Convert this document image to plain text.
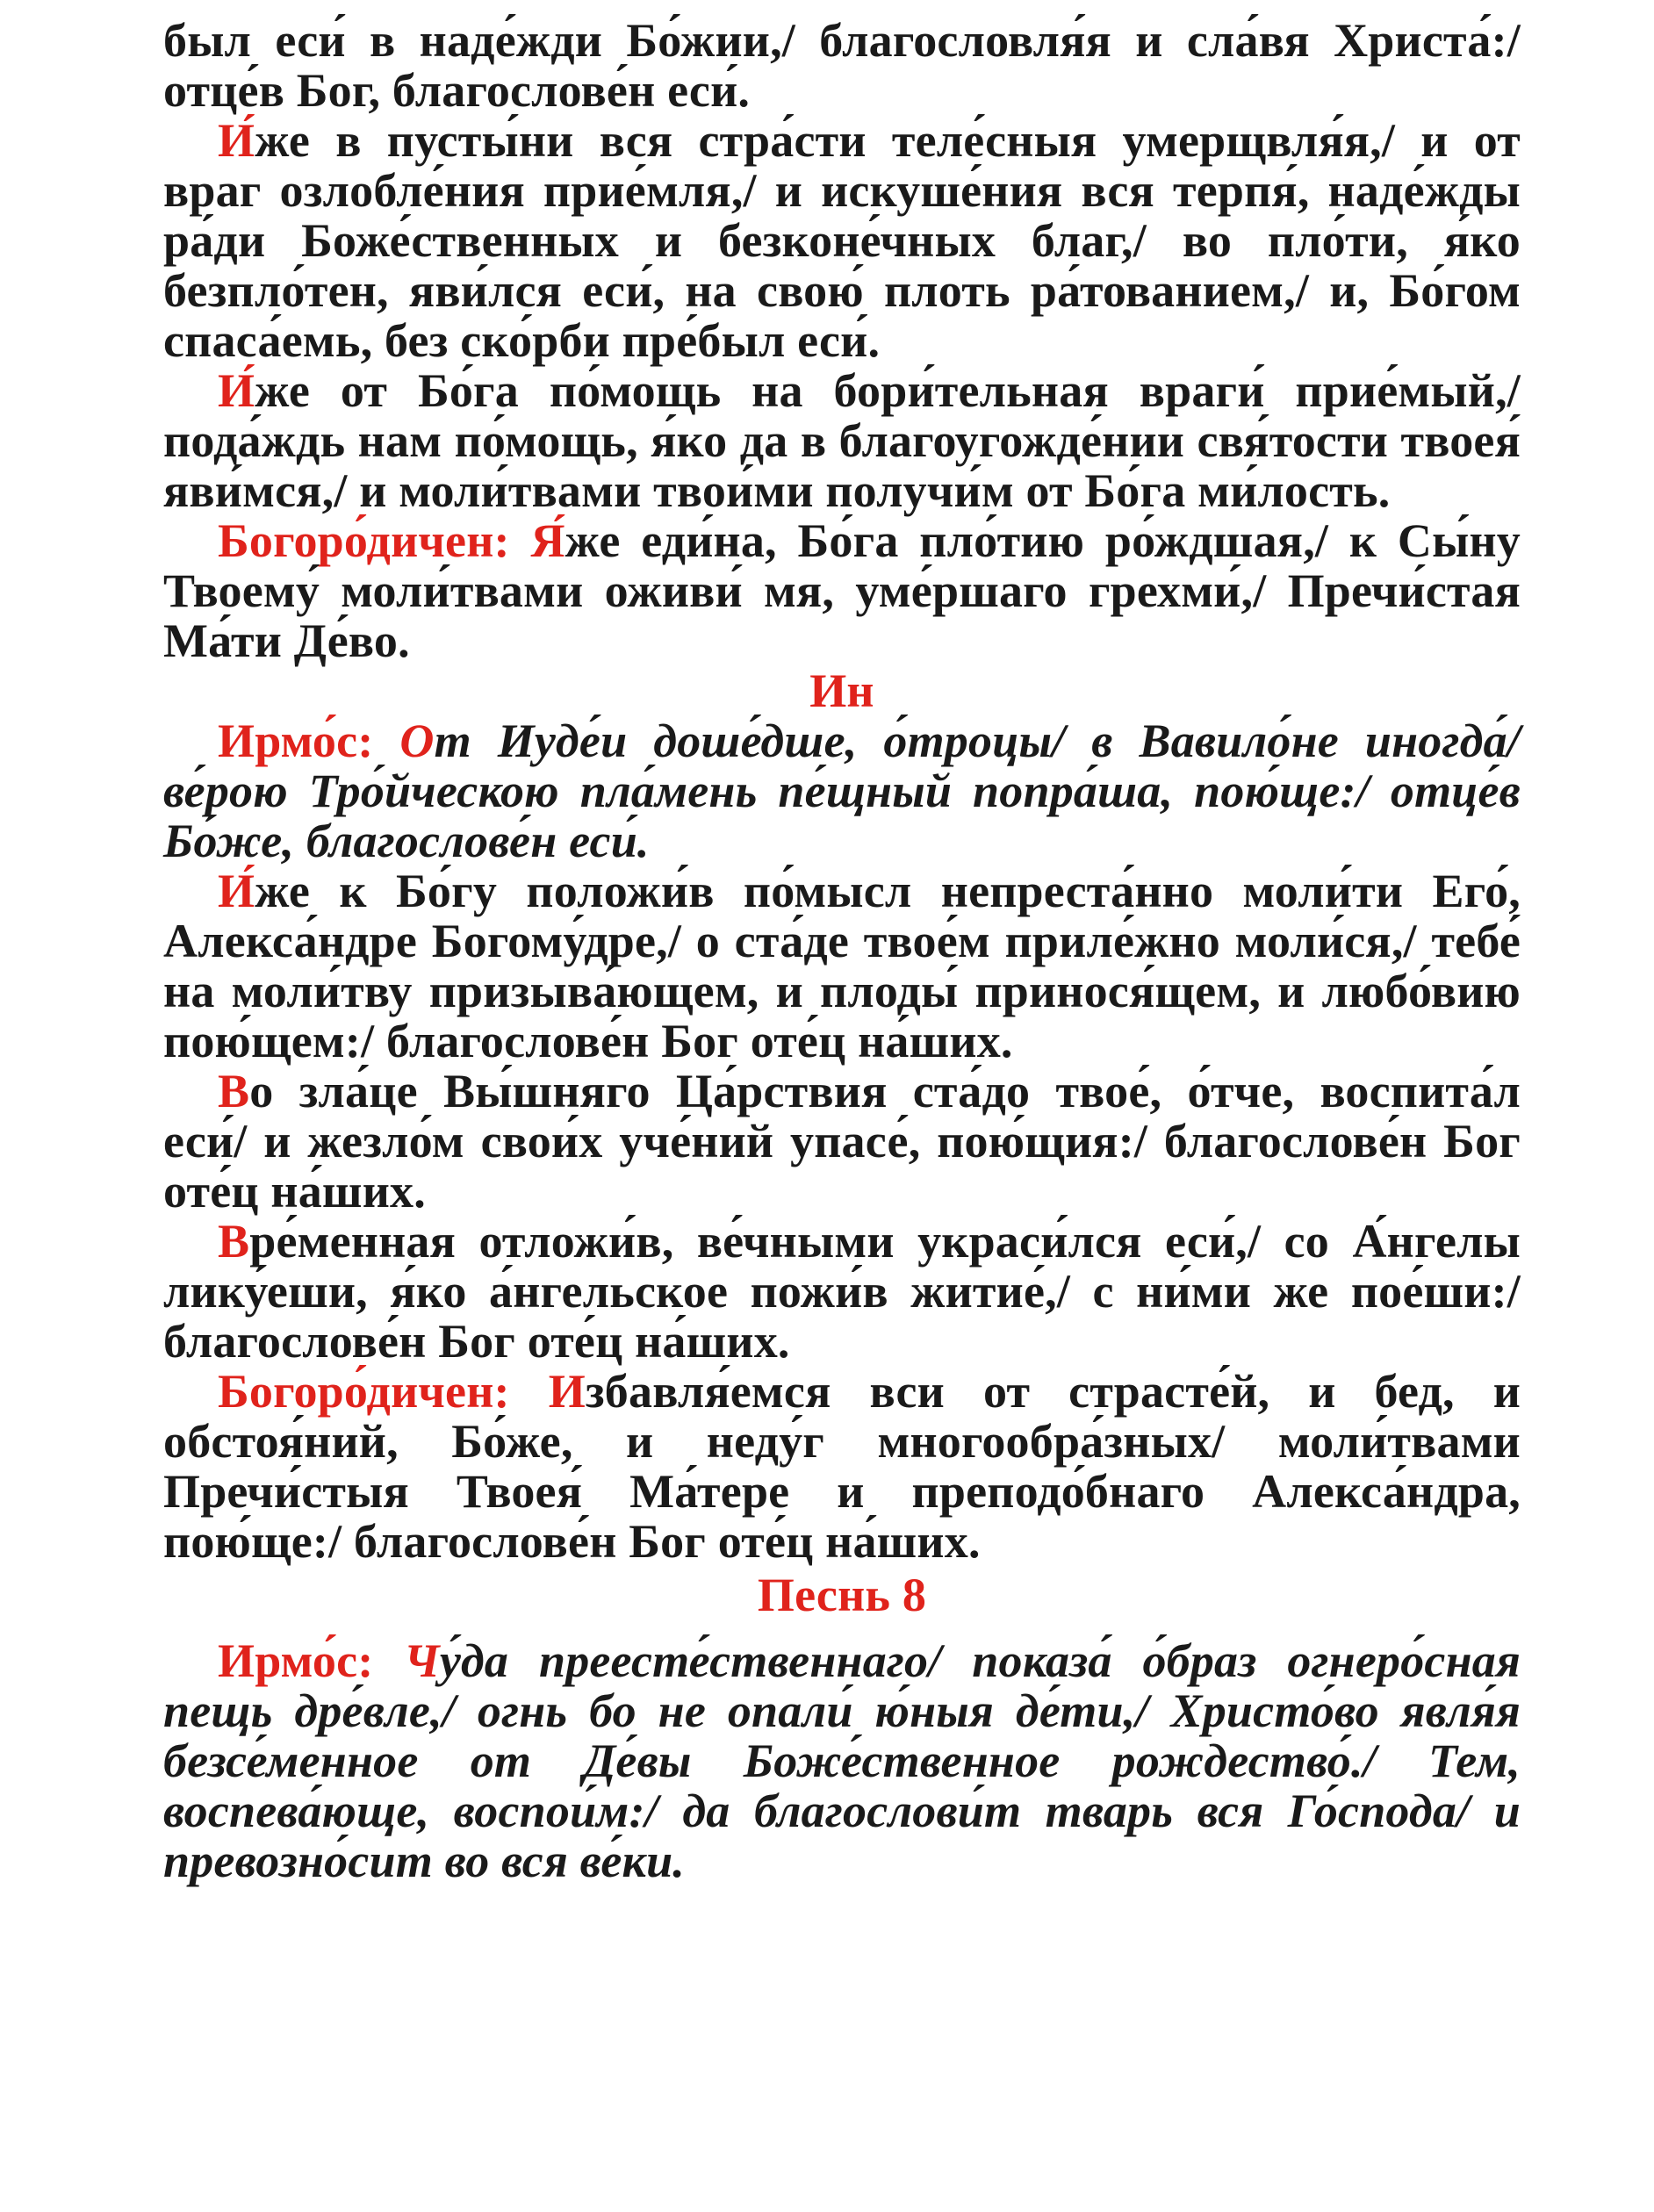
был еси́ в наде́жди Бо́жии,/ благословля́я и сла́вя Христа́:/ отце́в Бог, благослове́н еси́.

И́же в пусты́ни вся стра́сти теле́сныя умерщвля́я,/ и от враг озлобле́ния прие́мля,/ и искуше́ния вся терпя́, наде́жды ра́ди Боже́ственных и безконе́чных благ,/ во пло́ти, я́ко безпло́тен, яви́лся еси́, на свою́ плоть ра́тованием,/ и, Бо́гом спаса́емь, без ско́рби пре́был еси́.

И́же от Бо́га по́мощь на бори́тельная враги́ прие́мый,/ пода́ждь нам по́мощь, я́ко да в благоугожде́нии свя́тости твоея́ яви́мся,/ и моли́твами твои́ми получи́м от Бо́га ми́лость.

Богоро́дичен: Я́же еди́на, Бо́га пло́тию ро́ждшая,/ к Сы́ну Твоему́ моли́твами оживи́ мя, уме́ршаго грехми́,/ Пречи́стая Ма́ти Де́во.

Ин

Ирмо́с: От Иуде́и доше́дше, о́троцы/ в Вавило́не иногда́/ ве́рою Тро́йческою пла́мень пе́щный попра́ша, пою́ще:/ отце́в Бо́же, благослове́н еси́.

И́же к Бо́гу положи́в по́мысл непреста́нно моли́ти Его́, Алекса́ндре Богому́дре,/ о ста́де твое́м приле́жно моли́ся,/ тебе́ на моли́тву призыва́ющем, и плоды́ принося́щем, и любо́вию пою́щем:/ благослове́н Бог оте́ц на́ших.

Во зла́це Вы́шняго Ца́рствия ста́до твое́, о́тче, воспита́л еси́/ и жезло́м свои́х уче́ний упасе́, пою́щия:/ благослове́н Бог оте́ц на́ших.

Вре́менная отложи́в, ве́чными украси́лся еси́,/ со А́нгелы лику́еши, я́ко а́нгельское пожи́в житие́,/ с ни́ми же пое́ши:/ благослове́н Бог оте́ц на́ших.

Богоро́дичен: Избавля́емся вси от страсте́й, и бед, и обстоя́ний, Бо́же, и неду́г многообра́зных/ моли́твами Пречи́стыя Твоея́ Ма́тере и преподо́бнаго Алекса́ндра, пою́ще:/ благослове́н Бог оте́ц на́ших.

Песнь 8

Ирмо́с: Чу́да преесте́ственнаго/ показа́ о́браз огнеро́сная пещь дре́вле,/ огнь бо не опали́ ю́ныя де́ти,/ Христо́во явля́я безсе́менное от Де́вы Боже́ственное рождество́./ Тем, воспева́юще, воспои́м:/ да благослови́т тварь вся Го́спода/ и превозно́сит во вся ве́ки.
